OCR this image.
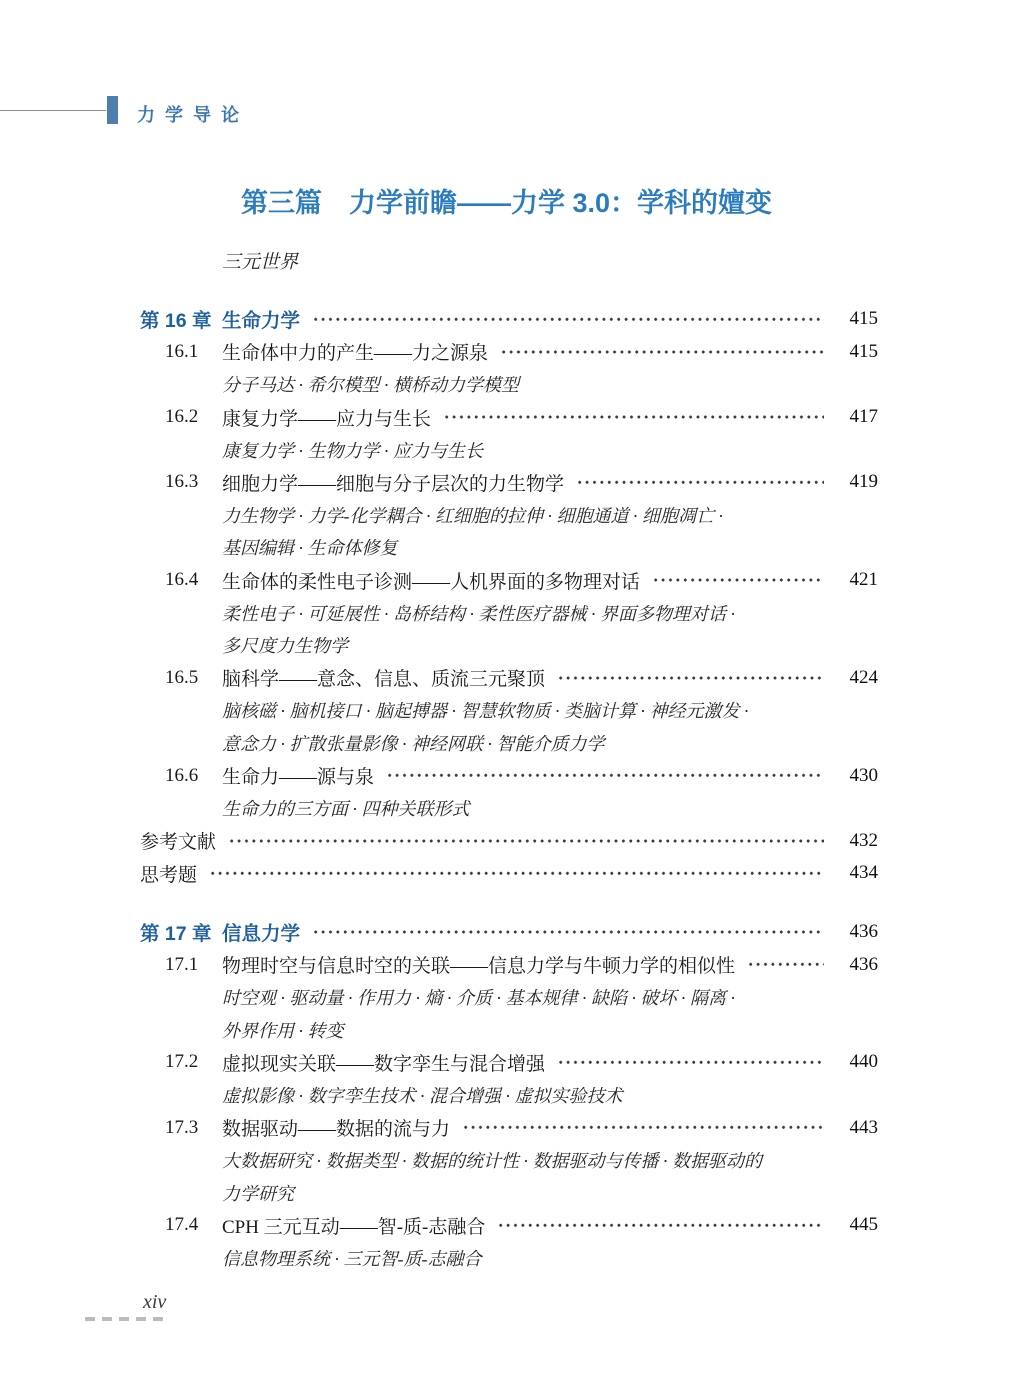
力学导论
第三篇　力学前瞻——力学 3.0：学科的嬗变
三元世界
第 16 章 生命力学	415
16.1	生命体中力的产生——力之源泉	415
分子马达 · 希尔模型 · 横桥动力学模型
16.2	康复力学——应力与生长	417
康复力学 · 生物力学 · 应力与生长
16.3	细胞力学——细胞与分子层次的力生物学	419
力生物学 · 力学-化学耦合 · 红细胞的拉伸 · 细胞通道 · 细胞凋亡 ·
基因编辑 · 生命体修复
16.4	生命体的柔性电子诊测——人机界面的多物理对话	421
柔性电子 · 可延展性 · 岛桥结构 · 柔性医疗器械 · 界面多物理对话 ·
多尺度力生物学
16.5	脑科学——意念、信息、质流三元聚顶	424
脑核磁 · 脑机接口 · 脑起搏器 · 智慧软物质 · 类脑计算 · 神经元激发 ·
意念力 · 扩散张量影像 · 神经网联 · 智能介质力学
16.6	生命力——源与泉	430
生命力的三方面 · 四种关联形式
参考文献	432
思考题	434
第 17 章 信息力学	436
17.1	物理时空与信息时空的关联——信息力学与牛顿力学的相似性	436
时空观 · 驱动量 · 作用力 · 熵 · 介质 · 基本规律 · 缺陷 · 破坏 · 隔离 ·
外界作用 · 转变
17.2	虚拟现实关联——数字孪生与混合增强	440
虚拟影像 · 数字孪生技术 · 混合增强 · 虚拟实验技术
17.3	数据驱动——数据的流与力	443
大数据研究 · 数据类型 · 数据的统计性 · 数据驱动与传播 · 数据驱动的
力学研究
17.4	CPH 三元互动——智-质-志融合	445
信息物理系统 · 三元智-质-志融合
xiv
